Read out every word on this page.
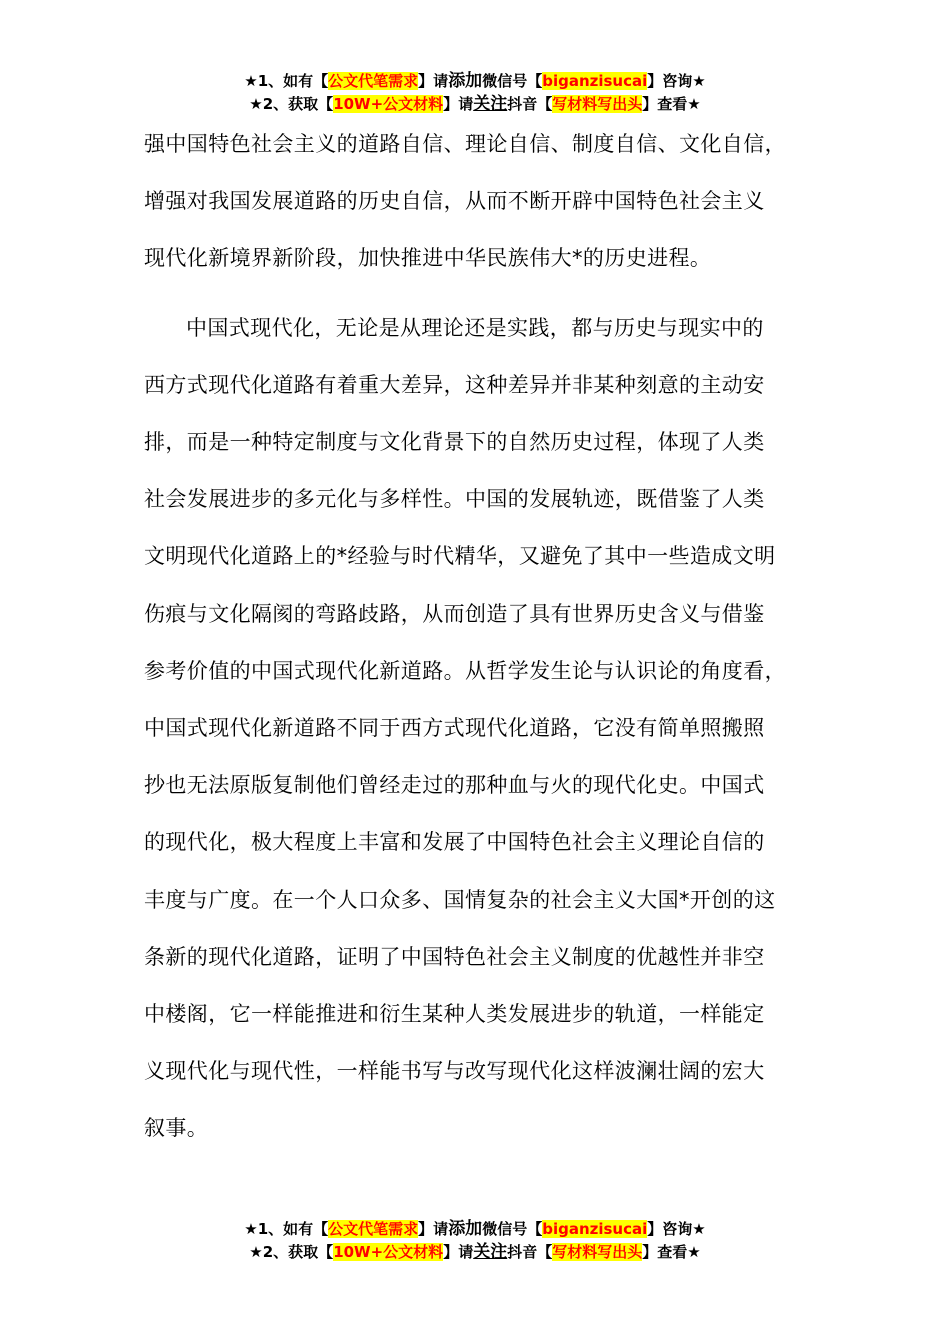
★1、如有【公文代笔需求】请添加微信号【biganzisucai】咨询★
★2、获取【10W+公文材料】请关注抖音【写材料写出头】查看★
强中国特色社会主义的道路自信、理论自信、制度自信、文化自信，
增强对我国发展道路的历史自信，从而不断开辟中国特色社会主义
现代化新境界新阶段，加快推进中华民族伟大*的历史进程。
中国式现代化，无论是从理论还是实践，都与历史与现实中的
西方式现代化道路有着重大差异，这种差异并非某种刻意的主动安
排，而是一种特定制度与文化背景下的自然历史过程，体现了人类
社会发展进步的多元化与多样性。中国的发展轨迹，既借鉴了人类
文明现代化道路上的*经验与时代精华，又避免了其中一些造成文明
伤痕与文化隔阂的弯路歧路，从而创造了具有世界历史含义与借鉴
参考价值的中国式现代化新道路。从哲学发生论与认识论的角度看，
中国式现代化新道路不同于西方式现代化道路，它没有简单照搬照
抄也无法原版复制他们曾经走过的那种血与火的现代化史。中国式
的现代化，极大程度上丰富和发展了中国特色社会主义理论自信的
丰度与广度。在一个人口众多、国情复杂的社会主义大国*开创的这
条新的现代化道路，证明了中国特色社会主义制度的优越性并非空
中楼阁，它一样能推进和衍生某种人类发展进步的轨道，一样能定
义现代化与现代性，一样能书写与改写现代化这样波澜壮阔的宏大
叙事。
★1、如有【公文代笔需求】请添加微信号【biganzisucai】咨询★
★2、获取【10W+公文材料】请关注抖音【写材料写出头】查看★
